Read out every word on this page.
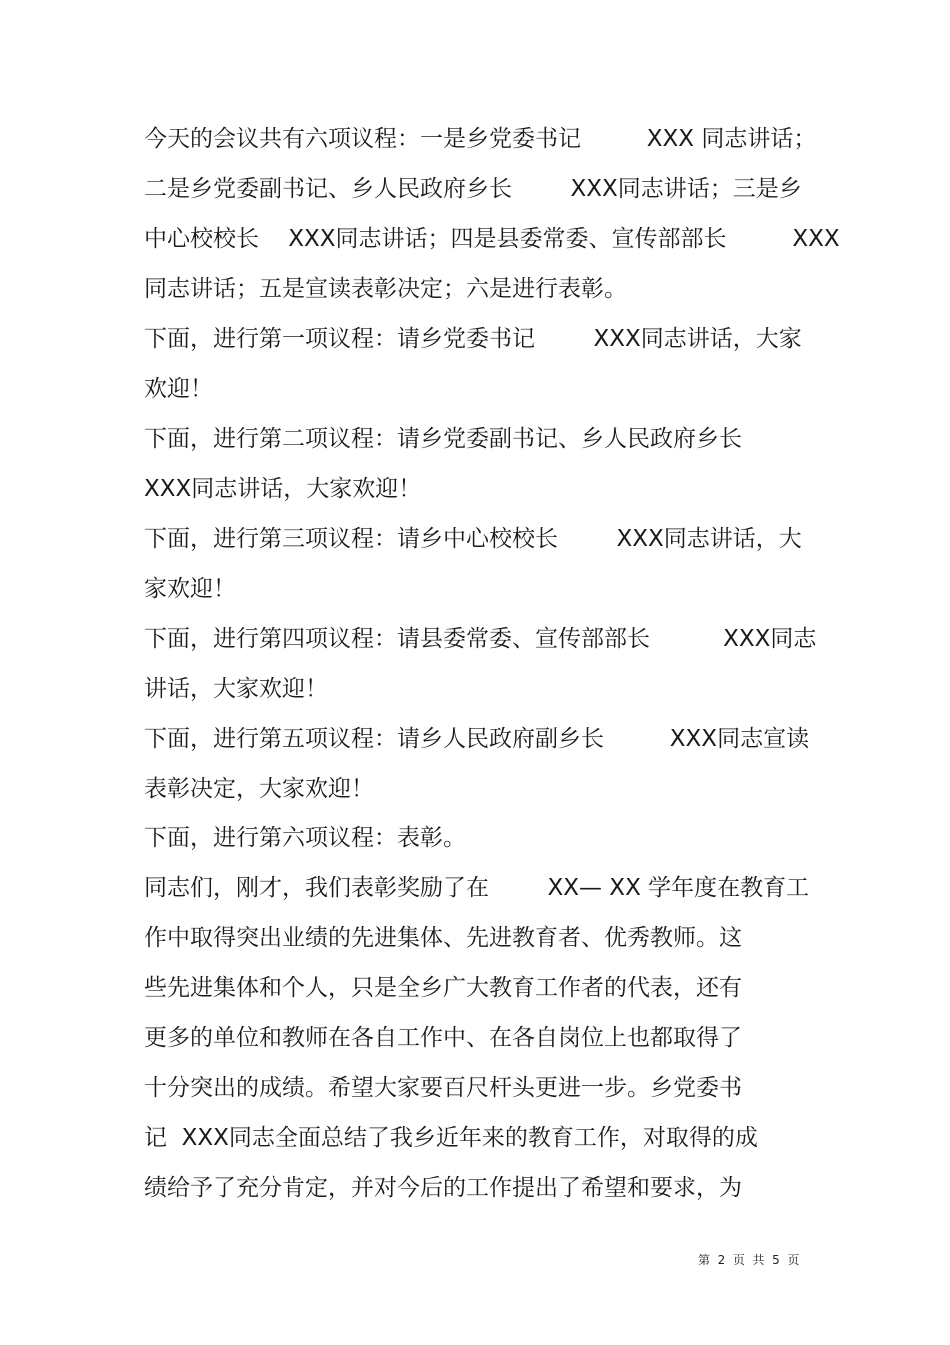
今天的会议共有六项议程：一是乡党委书记         XXX 同志讲话；
二是乡党委副书记、乡人民政府乡长        XXX同志讲话；三是乡
中心校校长    XXX同志讲话；四是县委常委、宣传部部长         XXX
同志讲话；五是宣读表彰决定；六是进行表彰。
下面，进行第一项议程：请乡党委书记        XXX同志讲话，大家
欢迎！
下面，进行第二项议程：请乡党委副书记、乡人民政府乡长
XXX同志讲话，大家欢迎！
下面，进行第三项议程：请乡中心校校长        XXX同志讲话，大
家欢迎！
下面，进行第四项议程：请县委常委、宣传部部长          XXX同志
讲话，大家欢迎！
下面，进行第五项议程：请乡人民政府副乡长         XXX同志宣读
表彰决定，大家欢迎！
下面，进行第六项议程：表彰。
同志们，刚才，我们表彰奖励了在        XX— XX 学年度在教育工
作中取得突出业绩的先进集体、先进教育者、优秀教师。这
些先进集体和个人，只是全乡广大教育工作者的代表，还有
更多的单位和教师在各自工作中、在各自岗位上也都取得了
十分突出的成绩。希望大家要百尺杆头更进一步。乡党委书
记  XXX同志全面总结了我乡近年来的教育工作，对取得的成
绩给予了充分肯定，并对今后的工作提出了希望和要求，为
第  2  页  共  5  页
